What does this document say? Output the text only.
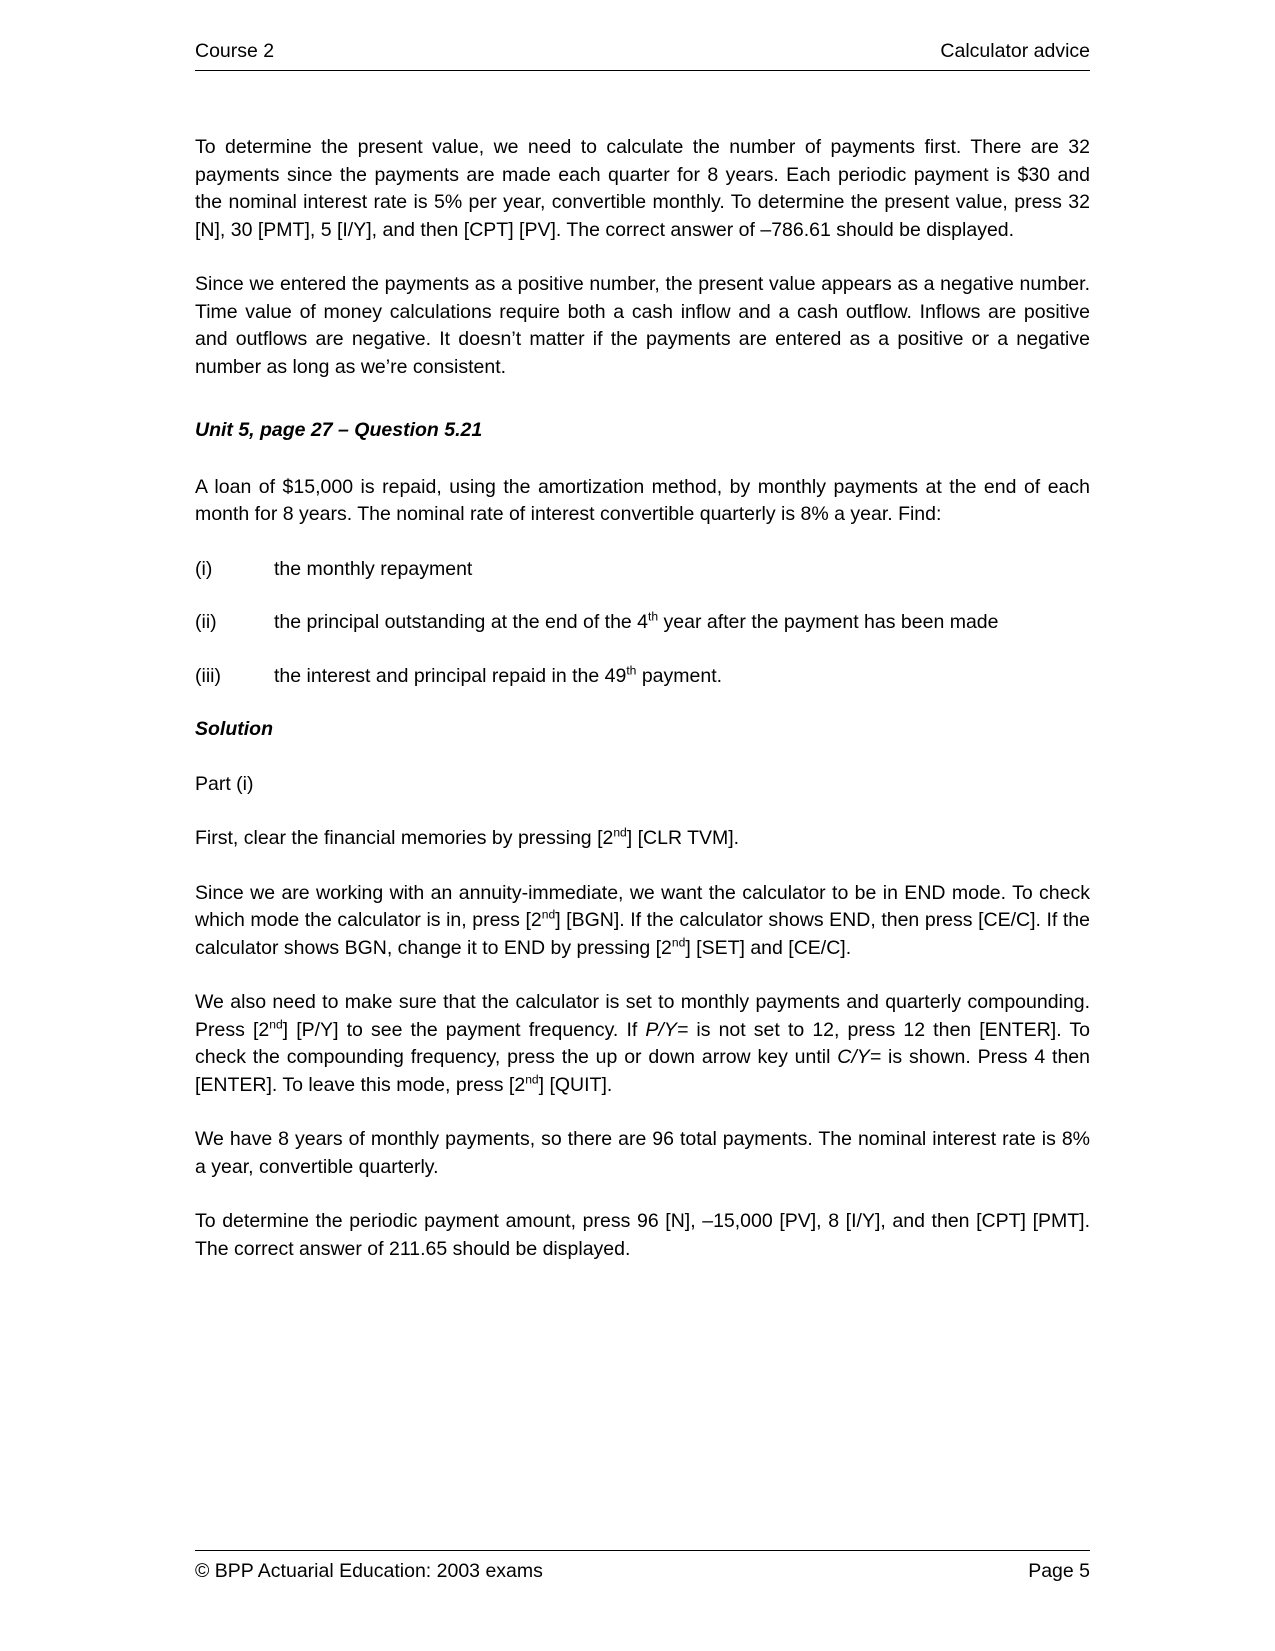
Course 2	Calculator advice

To determine the present value, we need to calculate the number of payments first. There are 32 payments since the payments are made each quarter for 8 years. Each periodic payment is $30 and the nominal interest rate is 5% per year, convertible monthly. To determine the present value, press 32 [N], 30 [PMT], 5 [I/Y], and then [CPT] [PV]. The correct answer of –786.61 should be displayed.

Since we entered the payments as a positive number, the present value appears as a negative number. Time value of money calculations require both a cash inflow and a cash outflow. Inflows are positive and outflows are negative. It doesn’t matter if the payments are entered as a positive or a negative number as long as we’re consistent.

Unit 5, page 27 – Question 5.21

A loan of $15,000 is repaid, using the amortization method, by monthly payments at the end of each month for 8 years. The nominal rate of interest convertible quarterly is 8% a year. Find:

(i)	the monthly repayment
(ii)	the principal outstanding at the end of the 4th year after the payment has been made
(iii)	the interest and principal repaid in the 49th payment.
Solution

Part (i)

First, clear the financial memories by pressing [2nd] [CLR TVM].

Since we are working with an annuity-immediate, we want the calculator to be in END mode. To check which mode the calculator is in, press [2nd] [BGN]. If the calculator shows END, then press [CE/C]. If the calculator shows BGN, change it to END by pressing [2nd] [SET] and [CE/C].

We also need to make sure that the calculator is set to monthly payments and quarterly compounding. Press [2nd] [P/Y] to see the payment frequency. If P/Y= is not set to 12, press 12 then [ENTER]. To check the compounding frequency, press the up or down arrow key until C/Y= is shown. Press 4 then [ENTER]. To leave this mode, press [2nd] [QUIT].

We have 8 years of monthly payments, so there are 96 total payments. The nominal interest rate is 8% a year, convertible quarterly.

To determine the periodic payment amount, press 96 [N], –15,000 [PV], 8 [I/Y], and then [CPT] [PMT]. The correct answer of 211.65 should be displayed.

© BPP Actuarial Education: 2003 exams	Page 5
